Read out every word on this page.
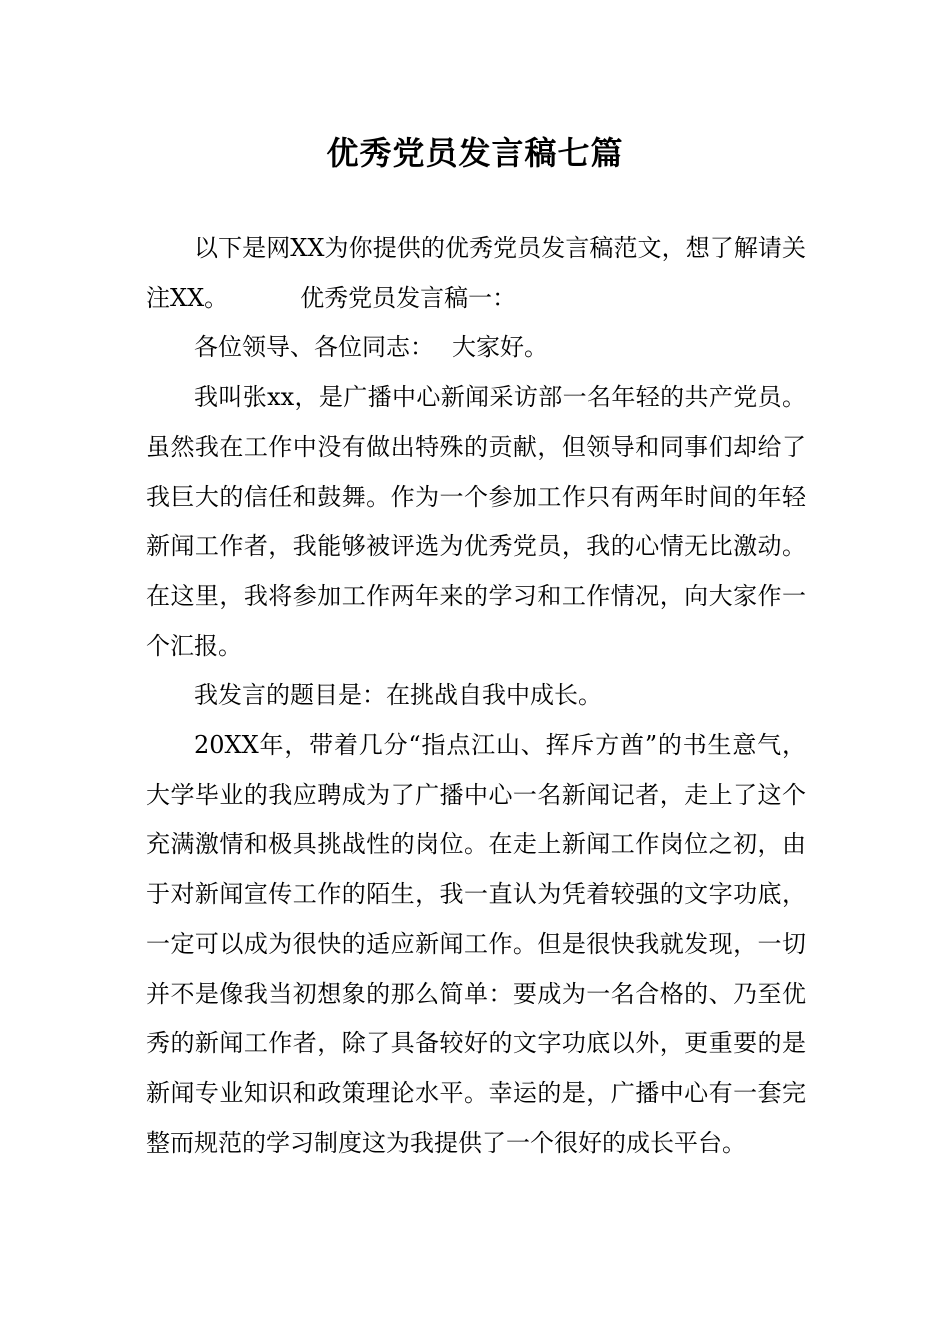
优秀党员发言稿七篇

以下是网XX为你提供的优秀党员发言稿范文，想了解请关注XX。	优秀党员发言稿一：

各位领导、各位同志： 大家好。

我叫张xx，是广播中心新闻采访部一名年轻的共产党员。虽然我在工作中没有做出特殊的贡献，但领导和同事们却给了我巨大的信任和鼓舞。作为一个参加工作只有两年时间的年轻新闻工作者，我能够被评选为优秀党员，我的心情无比激动。在这里，我将参加工作两年来的学习和工作情况，向大家作一个汇报。

我发言的题目是：在挑战自我中成长。

20XX年，带着几分“指点江山、挥斥方酋”的书生意气，大学毕业的我应聘成为了广播中心一名新闻记者，走上了这个充满激情和极具挑战性的岗位。在走上新闻工作岗位之初，由于对新闻宣传工作的陌生，我一直认为凭着较强的文字功底，一定可以成为很快的适应新闻工作。但是很快我就发现，一切并不是像我当初想象的那么简单：要成为一名合格的、乃至优秀的新闻工作者，除了具备较好的文字功底以外，更重要的是新闻专业知识和政策理论水平。幸运的是，广播中心有一套完整而规范的学习制度这为我提供了一个很好的成长平台。
